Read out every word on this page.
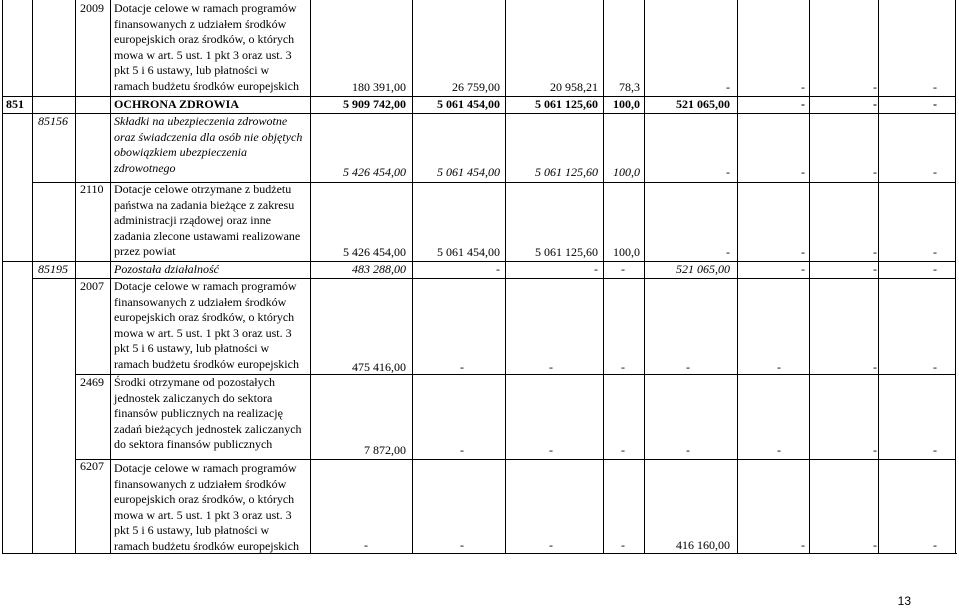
2009 Dotacje celowe w ramach programów
finansowanych z udziałem środków
europejskich oraz środków, o których
mowa w art. 5 ust. 1 pkt 3 oraz ust. 3
pkt 5 i 6 ustawy, lub płatności w
ramach budżetu środków europejskich	180 391,00	26 759,00	20 958,21	78,3	-	-	-	-
851	OCHRONA ZDROWIA	5 909 742,00	5 061 454,00	5 061 125,60	100,0	521 065,00	-	-	-
85156	Składki na ubezpieczenia zdrowotne
oraz świadczenia dla osób nie objętych
obowiązkiem ubezpieczenia
zdrowotnego	5 426 454,00	5 061 454,00	5 061 125,60	100,0	-	-	-	-
2110 Dotacje celowe otrzymane z budżetu
państwa na zadania bieżące z zakresu
administracji rządowej oraz inne
zadania zlecone ustawami realizowane
przez powiat	5 426 454,00	5 061 454,00	5 061 125,60	100,0	-	-	-	-
85195	Pozostała działalność	483 288,00	-	-	-	521 065,00	-	-	-
2007 Dotacje celowe w ramach programów
finansowanych z udziałem środków
europejskich oraz środków, o których
mowa w art. 5 ust. 1 pkt 3 oraz ust. 3
pkt 5 i 6 ustawy, lub płatności w
ramach budżetu środków europejskich	475 416,00	-	-	-	-	-	-	-
2469 Środki otrzymane od pozostałych
jednostek zaliczanych do sektora
finansów publicznych na realizację
zadań bieżących jednostek zaliczanych
do sektora finansów publicznych	7 872,00	-	-	-	-	-	-	-
6207 Dotacje celowe w ramach programów
finansowanych z udziałem środków
europejskich oraz środków, o których
mowa w art. 5 ust. 1 pkt 3 oraz ust. 3
pkt 5 i 6 ustawy, lub płatności w
ramach budżetu środków europejskich	-	-	-	-	416 160,00	-	-	-
13
